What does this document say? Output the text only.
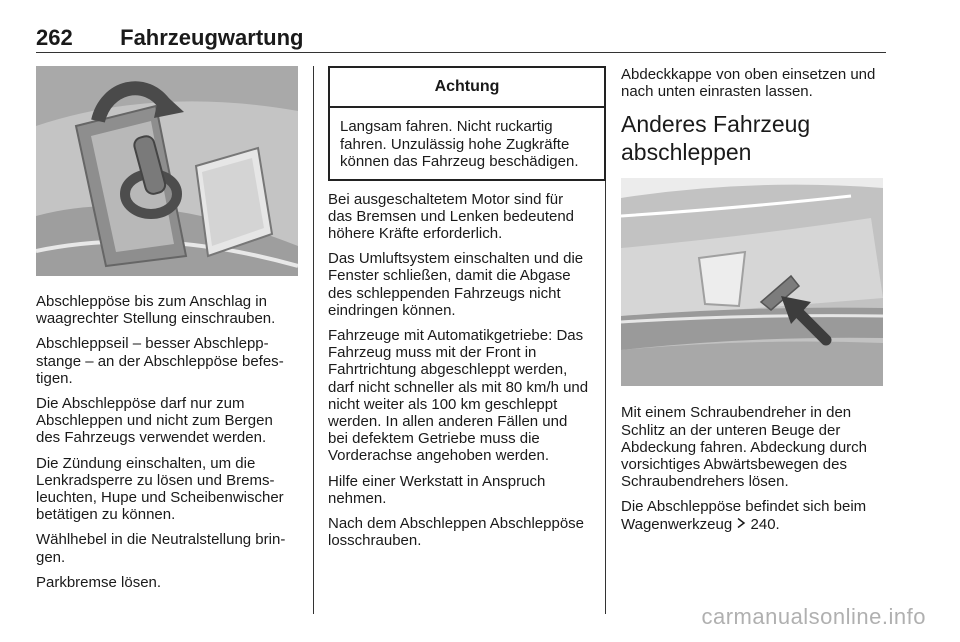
262 Fahrzeugwartung

Abschleppöse bis zum Anschlag in waagrechter Stellung einschrauben.

Abschleppseil – besser Abschleppstange – an der Abschleppöse befestigen.

Die Abschleppöse darf nur zum Abschleppen und nicht zum Bergen des Fahrzeugs verwendet werden.

Die Zündung einschalten, um die Lenkradsperre zu lösen und Bremsleuchten, Hupe und Scheibenwischer betätigen zu können.

Wählhebel in die Neutralstellung bringen.

Parkbremse lösen.

Achtung
Langsam fahren. Nicht ruckartig fahren. Unzulässig hohe Zugkräfte können das Fahrzeug beschädigen.

Bei ausgeschaltetem Motor sind für das Bremsen und Lenken bedeutend höhere Kräfte erforderlich.

Das Umluftsystem einschalten und die Fenster schließen, damit die Abgase des schleppenden Fahrzeugs nicht eindringen können.

Fahrzeuge mit Automatikgetriebe: Das Fahrzeug muss mit der Front in Fahrtrichtung abgeschleppt werden, darf nicht schneller als mit 80 km/h und nicht weiter als 100 km geschleppt werden. In allen anderen Fällen und bei defektem Getriebe muss die Vorderachse angehoben werden.

Hilfe einer Werkstatt in Anspruch nehmen.

Nach dem Abschleppen Abschleppöse losschrauben.

Abdeckkappe von oben einsetzen und nach unten einrasten lassen.

Anderes Fahrzeug abschleppen

Mit einem Schraubendreher in den Schlitz an der unteren Beuge der Abdeckung fahren. Abdeckung durch vorsichtiges Abwärtsbewegen des Schraubendrehers lösen.

Die Abschleppöse befindet sich beim Wagenwerkzeug 240.

carmanualsonline.info
